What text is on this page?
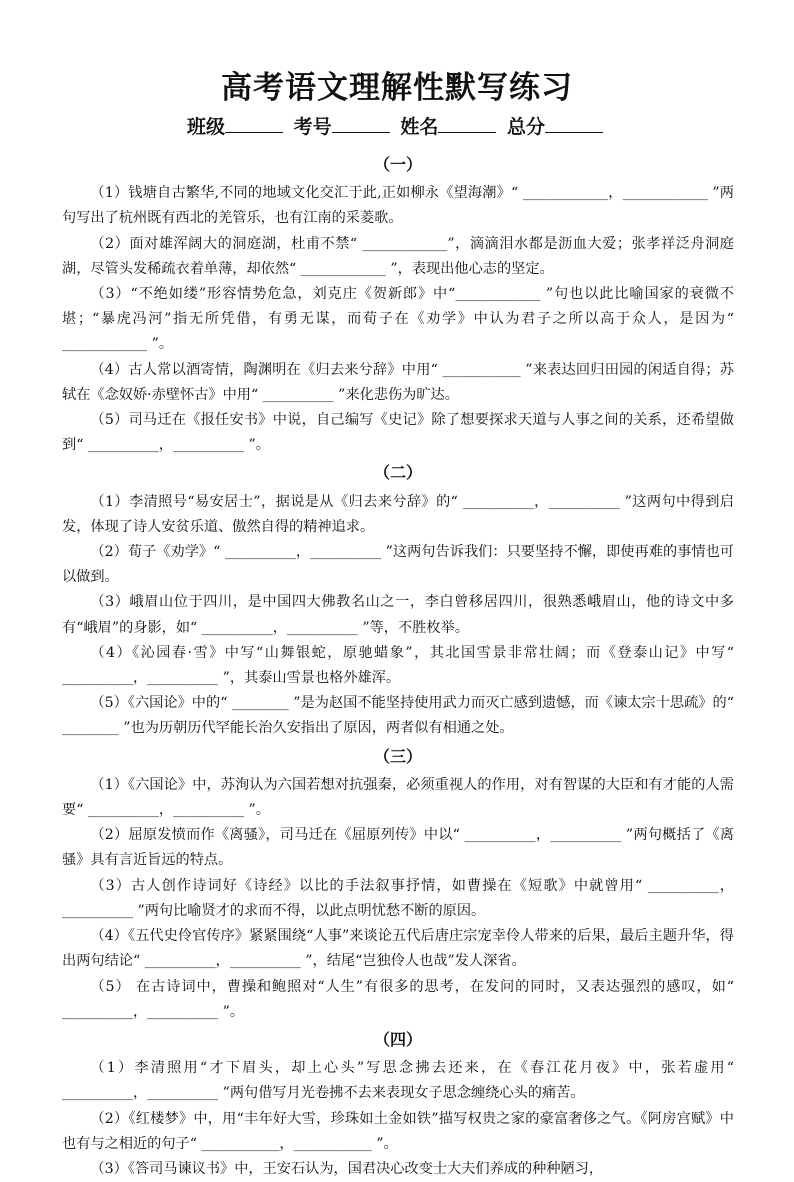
高考语文理解性默写练习
班级	考号	姓名	总分
（一）

（1）钱塘自古繁华,不同的地域文化交汇于此,正如柳永《望海潮》“ ____________，____________ ”两句写出了杭州既有西北的羌管乐，也有江南的采菱歌。

（2）面对雄浑阔大的洞庭湖，杜甫不禁“ ____________”，滴滴泪水都是沥血大爱；张孝祥泛舟洞庭湖，尽管头发稀疏衣着单薄，却依然“ ____________ ”，表现出他心志的坚定。

（3）“不绝如缕”形容情势危急，刘克庄《贺新郎》中“____________ ”句也以此比喻国家的衰微不堪；“暴虎冯河”指无所凭借，有勇无谋，而荀子在《劝学》中认为君子之所以高于众人，是因为“ ____________ ”。

（4）古人常以酒寄情，陶渊明在《归去来兮辞》中用“ ___________ ”来表达回归田园的闲适自得；苏轼在《念奴娇·赤壁怀古》中用“ __________ ”来化悲伤为旷达。

（5）司马迁在《报任安书》中说，自己编写《史记》除了想要探求天道与人事之间的关系，还希望做到“ __________，__________ ”。

（二）

（1）李清照号“易安居士”，据说是从《归去来兮辞》的“ __________，__________ ”这两句中得到启发，体现了诗人安贫乐道、傲然自得的精神追求。

（2）荀子《劝学》“ __________，__________ ”这两句告诉我们：只要坚持不懈，即使再难的事情也可以做到。

（3）峨眉山位于四川，是中国四大佛教名山之一，李白曾移居四川，很熟悉峨眉山，他的诗文中多有“峨眉”的身影，如“ __________，__________ ”等，不胜枚举。

（4）《沁园春·雪》中写“山舞银蛇，原驰蜡象”，其北国雪景非常壮阔；而《登泰山记》中写“ __________，__________ ”，其泰山雪景也格外雄浑。

（5）《六国论》中的“ ________ ”是为赵国不能坚持使用武力而灭亡感到遗憾，而《谏太宗十思疏》的“ ________ ”也为历朝历代罕能长治久安指出了原因，两者似有相通之处。

（三）

（1）《六国论》中，苏洵认为六国若想对抗强秦，必须重视人的作用，对有智谋的大臣和有才能的人需要“ __________，__________ ”。

（2）屈原发愤而作《离骚》，司马迁在《屈原列传》中以“ __________，__________ ”两句概括了《离骚》具有言近旨远的特点。

（3）古人创作诗词好《诗经》以比的手法叙事抒情，如曹操在《短歌》中就曾用“ __________，__________ ”两句比喻贤才的求而不得，以此点明忧愁不断的原因。

（4）《五代史伶官传序》紧紧围绕“人事”来谈论五代后唐庄宗宠幸伶人带来的后果，最后主题升华，得出两句结论“ __________，__________ ”，结尾“岂独伶人也哉”发人深省。

（5） 在古诗词中，曹操和鲍照对“人生”有很多的思考，在发问的同时，又表达强烈的感叹，如“ __________，__________ ”。

（四）

（1）李清照用“才下眉头，却上心头”写思念拂去还来，在《春江花月夜》中，张若虚用“ __________，__________ ”两句借写月光卷拂不去来表现女子思念缠绕心头的痛苦。

（2）《红楼梦》中，用“丰年好大雪，珍珠如土金如铁”描写权贵之家的豪富奢侈之气。《阿房宫赋》中也有与之相近的句子“ ___________，___________ ”。

（3）《答司马谏议书》中，王安石认为，国君决心改变士大夫们养成的种种陋习，
